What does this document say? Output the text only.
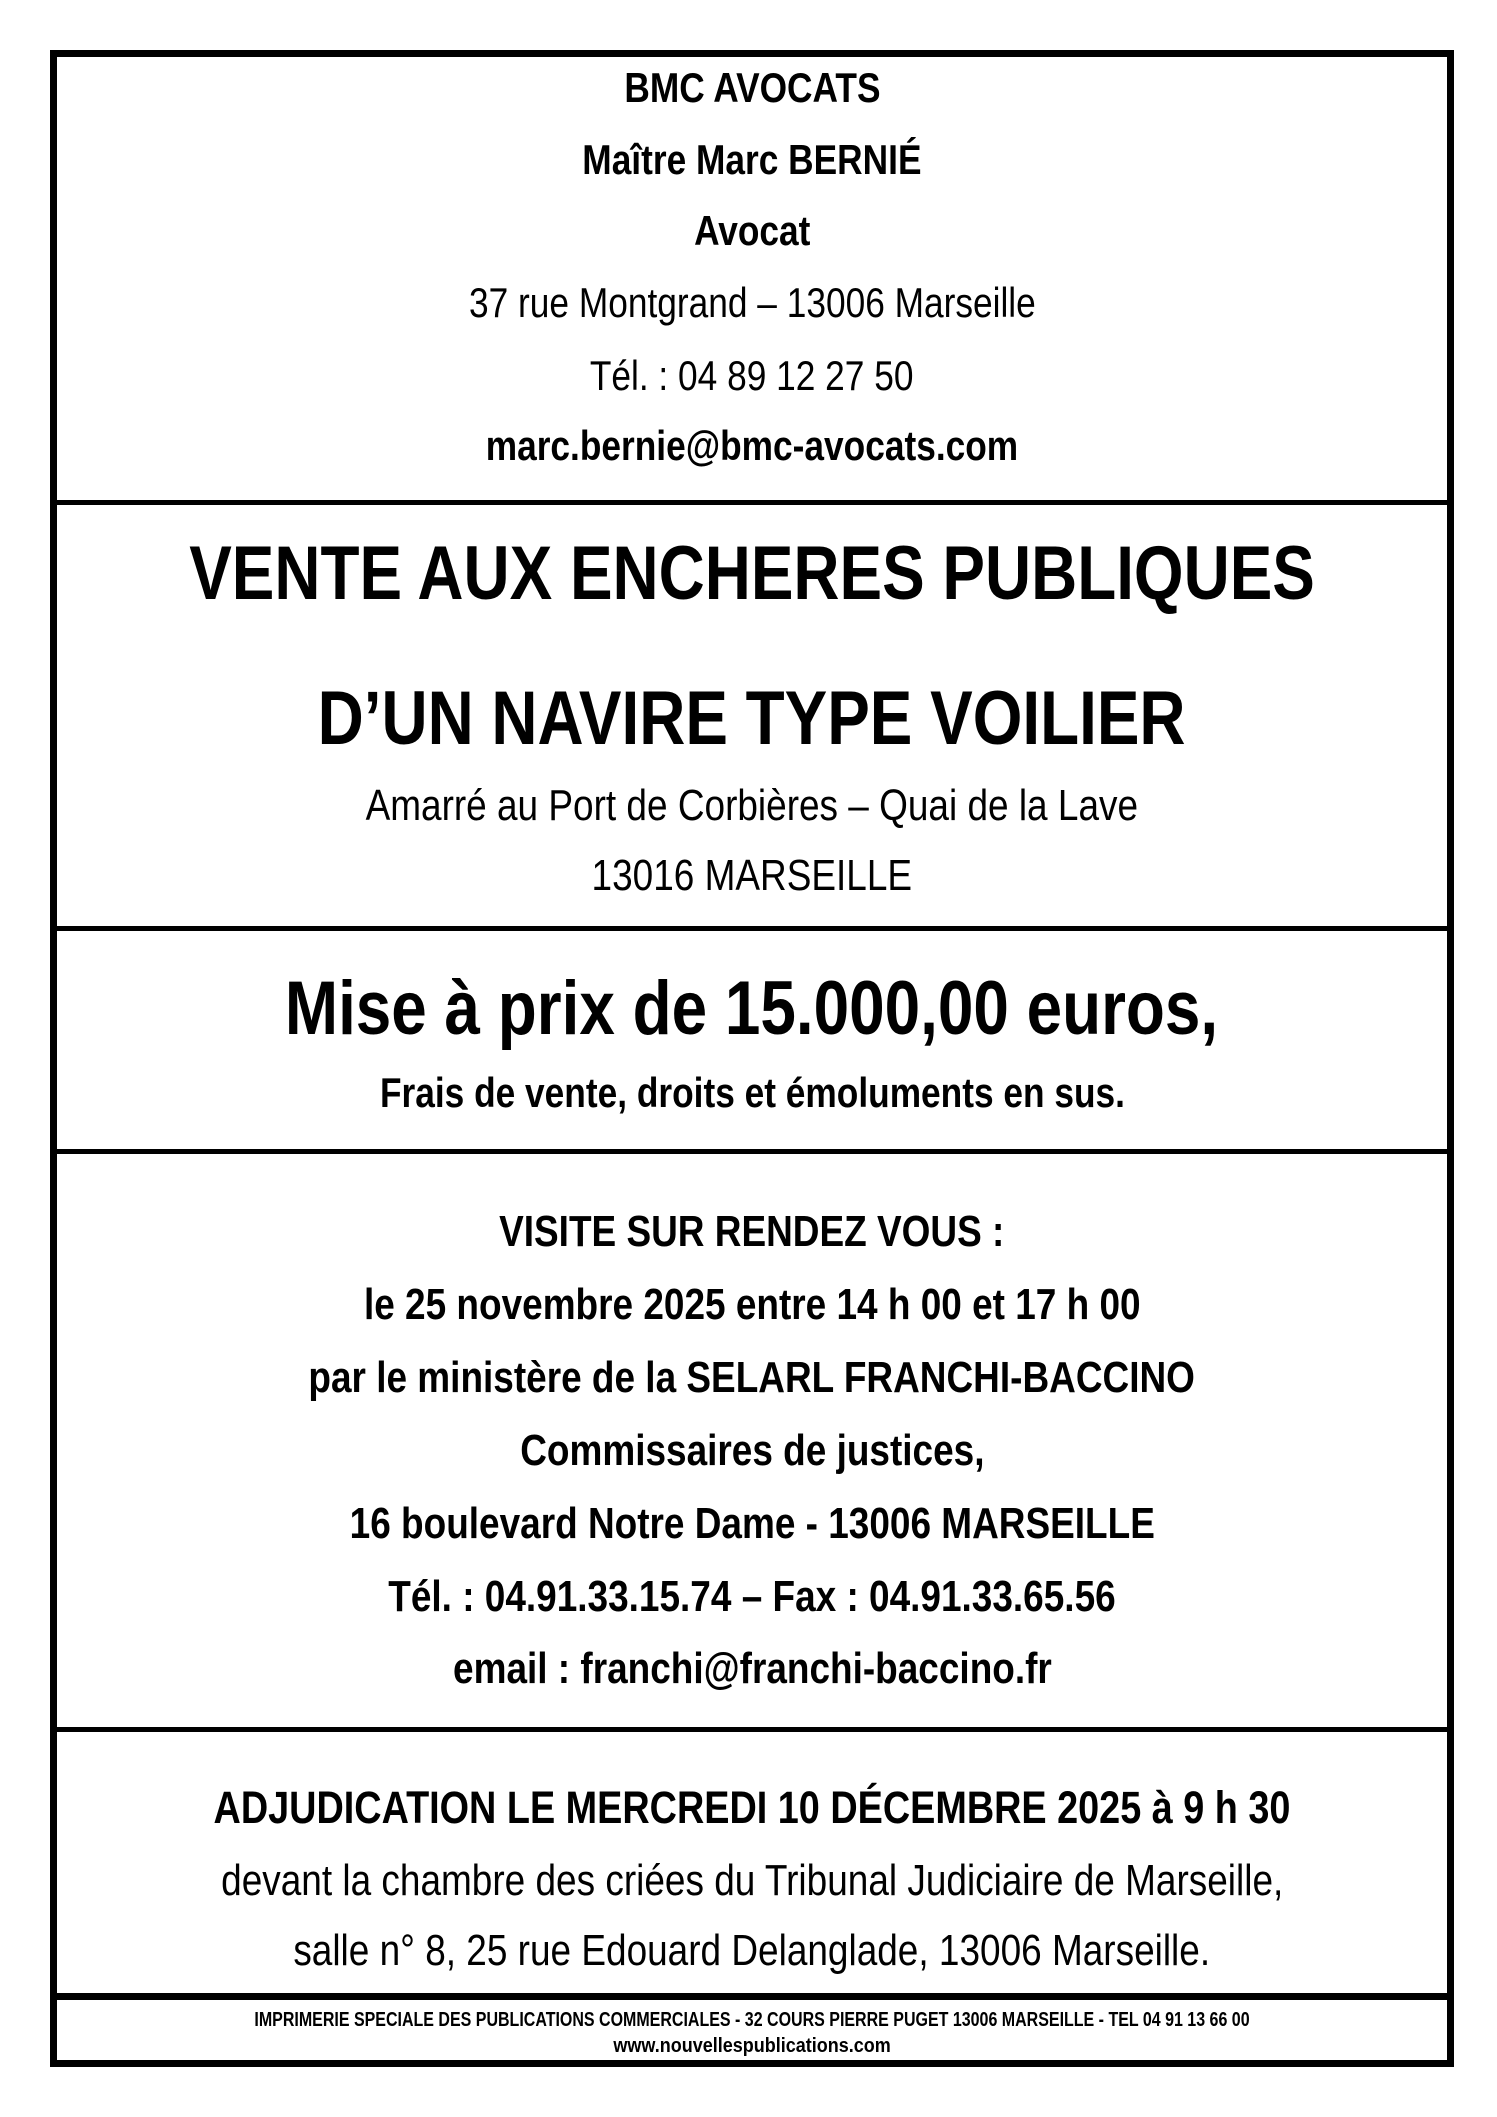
BMC AVOCATS
Maître Marc BERNIÉ
Avocat
37 rue Montgrand – 13006 Marseille
Tél. : 04 89 12 27 50
marc.bernie@bmc-avocats.com
VENTE AUX ENCHERES PUBLIQUES
D’UN NAVIRE TYPE VOILIER
Amarré au Port de Corbières – Quai de la Lave
13016 MARSEILLE
Mise à prix de 15.000,00 euros,
Frais de vente, droits et émoluments en sus.
VISITE SUR RENDEZ VOUS :
le 25 novembre 2025 entre 14 h 00 et 17 h 00
par le ministère de la SELARL FRANCHI-BACCINO
Commissaires de justices,
16 boulevard Notre Dame - 13006 MARSEILLE
Tél. : 04.91.33.15.74 – Fax : 04.91.33.65.56
email : franchi@franchi-baccino.fr
ADJUDICATION LE MERCREDI 10 DÉCEMBRE 2025 à 9 h 30
devant la chambre des criées du Tribunal Judiciaire de Marseille,
salle n° 8, 25 rue Edouard Delanglade, 13006 Marseille.
IMPRIMERIE SPECIALE DES PUBLICATIONS COMMERCIALES - 32 COURS PIERRE PUGET 13006 MARSEILLE - TEL 04 91 13 66 00
www.nouvellespublications.com
